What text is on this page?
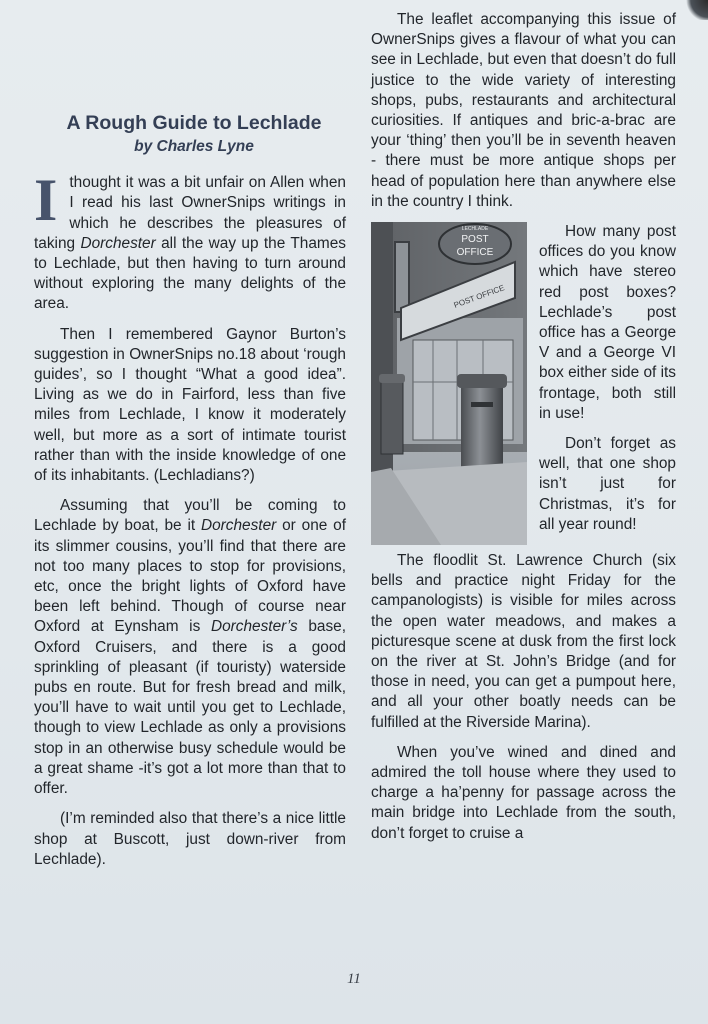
A Rough Guide to Lechlade
by Charles Lyne

Ithought it was a bit unfair on Allen when I read his last OwnerSnips writings in which he describes the pleasures of taking Dorchester all the way up the Thames to Lechlade, but then having to turn around without exploring the many delights of the area.

Then I remembered Gaynor Burton’s suggestion in OwnerSnips no.18 about ‘rough guides’, so I thought “What a good idea”. Living as we do in Fairford, less than five miles from Lechlade, I know it moderately well, but more as a sort of intimate tourist rather than with the inside knowledge of one of its inhabitants. (Lechladians?)

Assuming that you’ll be coming to Lechlade by boat, be it Dorchester or one of its slimmer cousins, you’ll find that there are not too many places to stop for provisions, etc, once the bright lights of Oxford have been left behind. Though of course near Oxford at Eynsham is Dorchester’s base, Oxford Cruisers, and there is a good sprinkling of pleasant (if touristy) waterside pubs en route. But for fresh bread and milk, you’ll have to wait until you get to Lechlade, though to view Lechlade as only a provisions stop in an otherwise busy schedule would be a great shame -it’s got a lot more than that to offer.

(I’m reminded also that there’s a nice little shop at Buscott, just down-river from Lechlade).

The leaflet accompanying this issue of OwnerSnips gives a flavour of what you can see in Lechlade, but even that doesn’t do full justice to the wide variety of interesting shops, pubs, restaurants and architectural curiosities. If antiques and bric-a-brac are your ‘thing’ then you’ll be in seventh heaven - there must be more antique shops per head of population here than anywhere else in the country I think.

POST OFFICE
LECHLADE
POST
OFFICE

How many post offices do you know which have stereo red post boxes? Lechlade’s post office has a George V and a George VI box either side of its frontage, both still in use!

Don’t forget as well, that one shop isn’t just for Christmas, it’s for all year round!

The floodlit St. Lawrence Church (six bells and practice night Friday for the campanologists) is visible for miles across the open water meadows, and makes a picturesque scene at dusk from the first lock on the river at St. John’s Bridge (and for those in need, you can get a pumpout here, and all your other boatly needs can be fulfilled at the Riverside Marina).

When you’ve wined and dined and admired the toll house where they used to charge a ha’penny for passage across the main bridge into Lechlade from the south, don’t forget to cruise a

11
